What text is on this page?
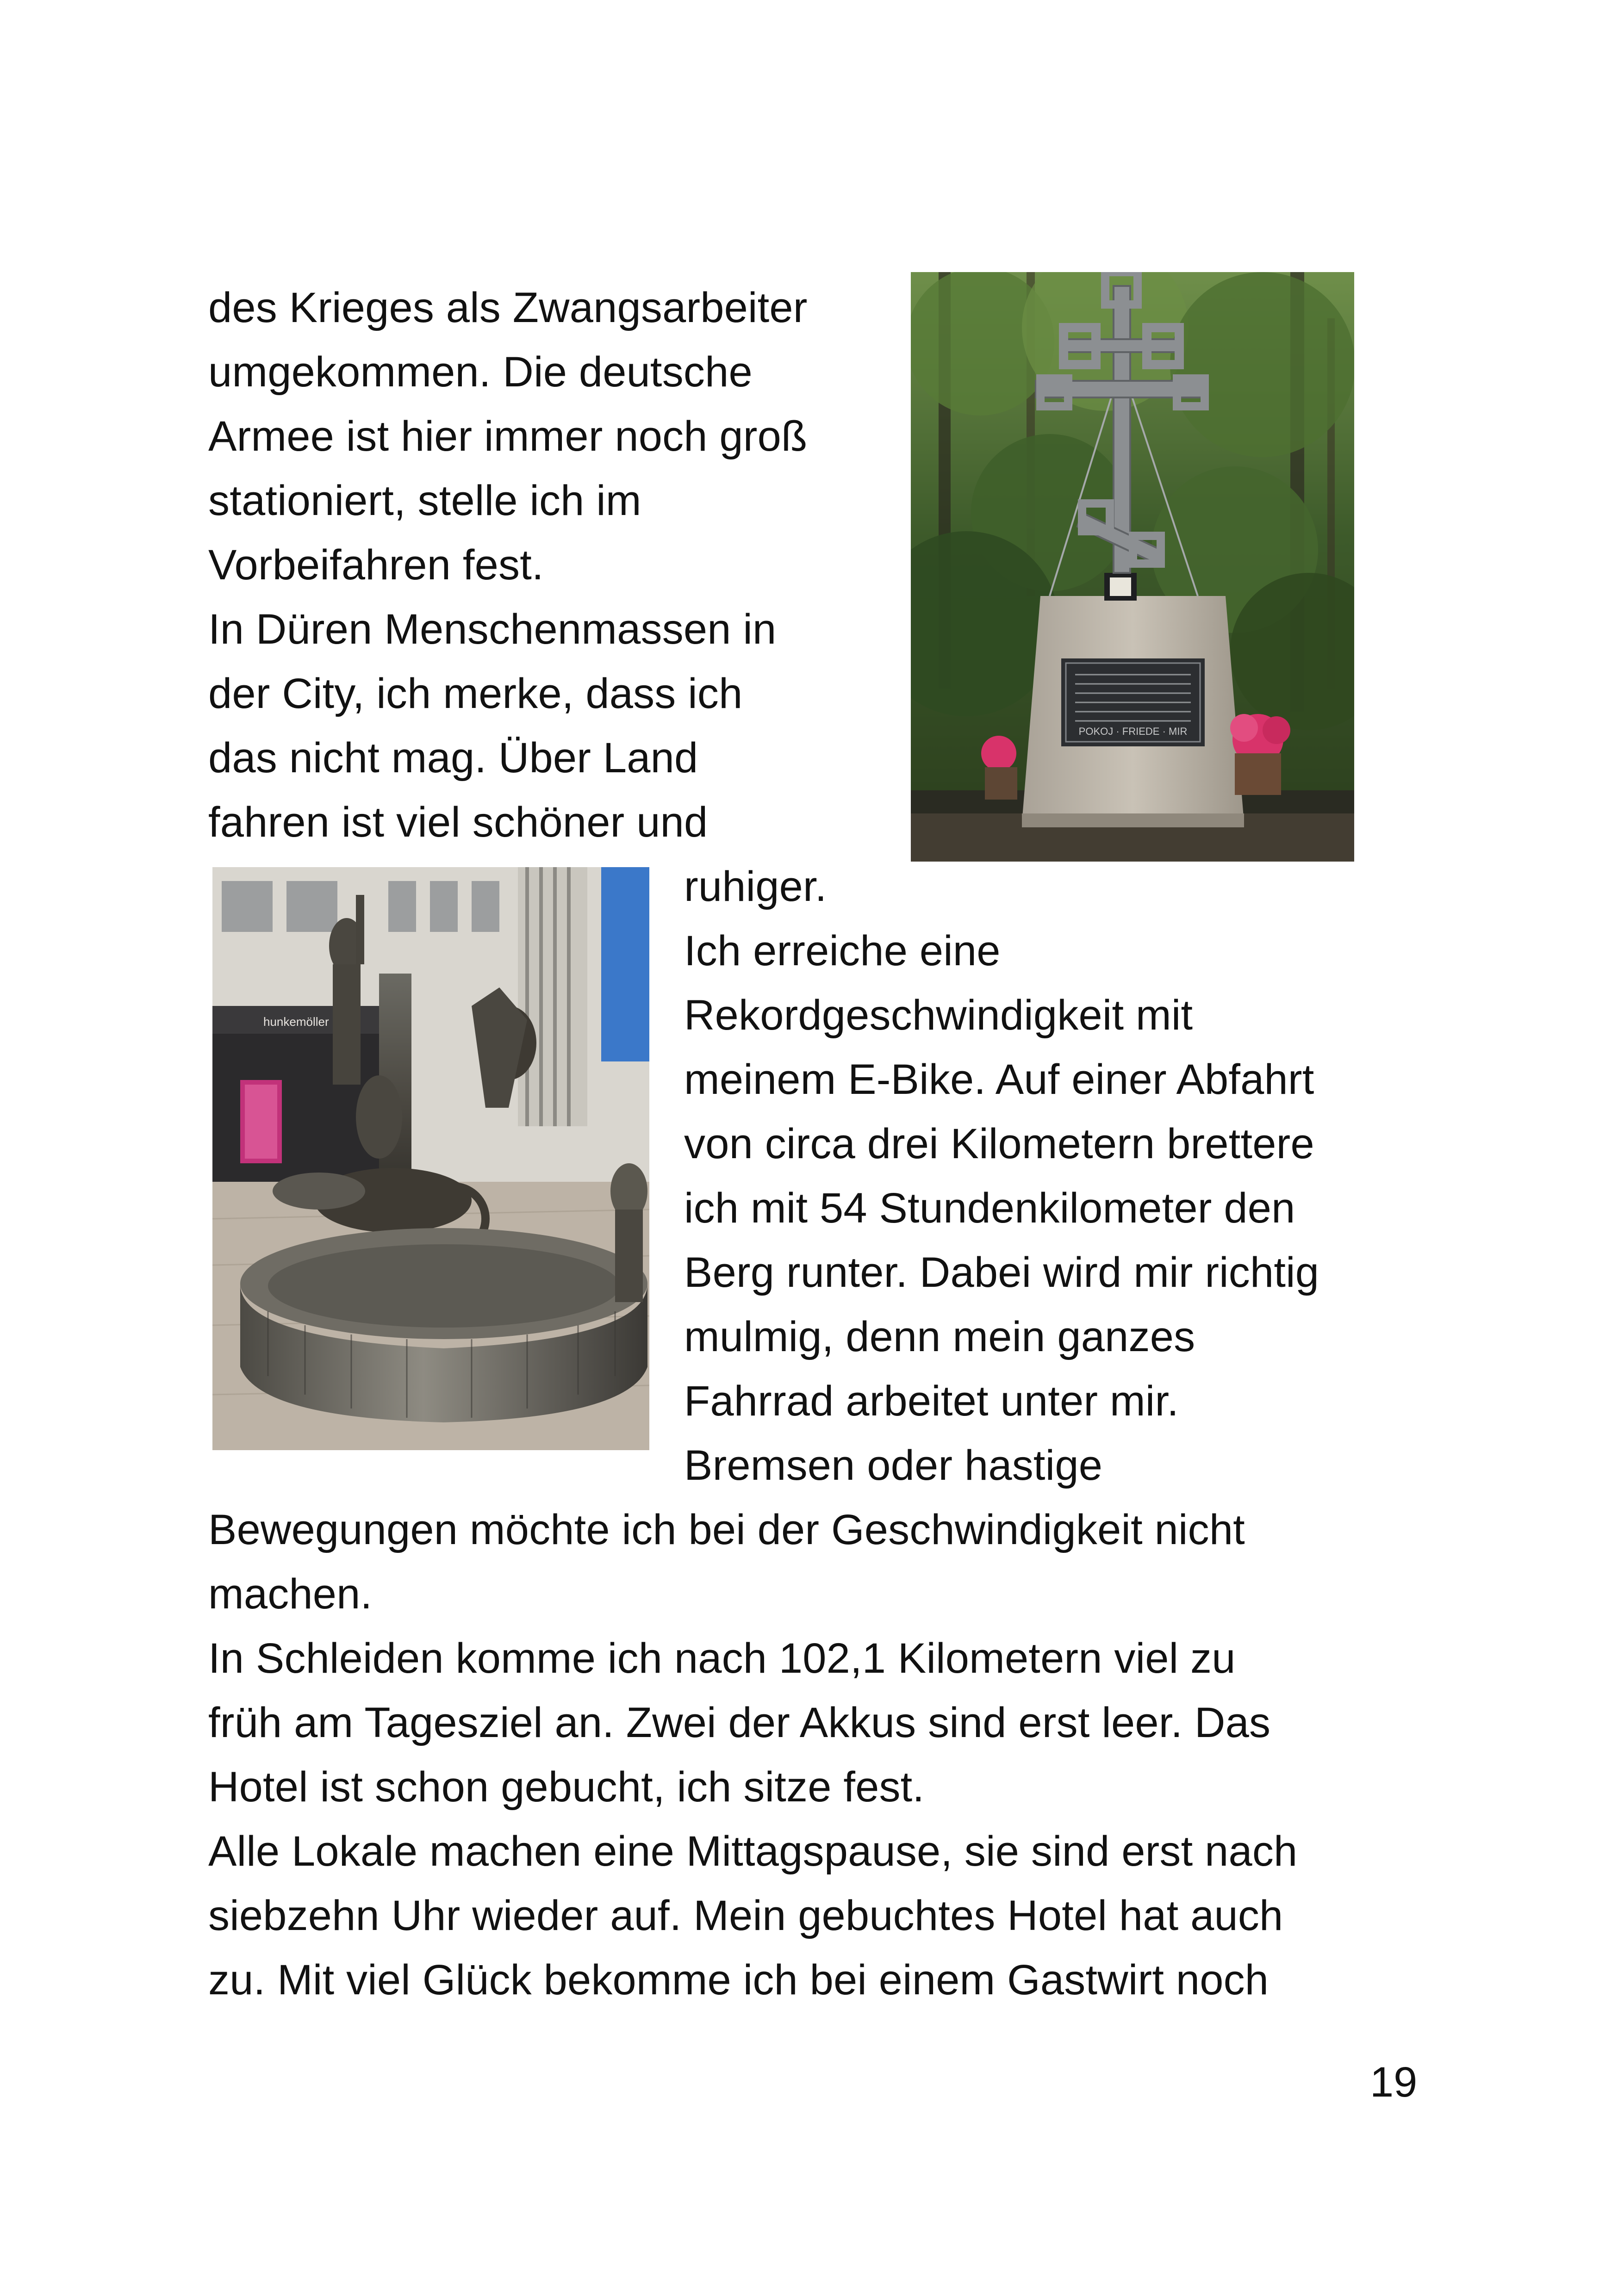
des Krieges als Zwangsarbeiter
umgekommen. Die deutsche
Armee ist hier immer noch groß
stationiert, stelle ich im
Vorbeifahren fest.
In Düren Menschenmassen in
der City, ich merke, dass ich
das nicht mag. Über Land
fahren ist viel schöner und
ruhiger.
Ich erreiche eine
Rekordgeschwindigkeit mit
meinem E-Bike. Auf einer Abfahrt
von circa drei Kilometern brettere
ich mit 54 Stundenkilometer den
Berg runter. Dabei wird mir richtig
mulmig, denn mein ganzes
Fahrrad arbeitet unter mir.
Bremsen oder hastige
Bewegungen möchte ich bei der Geschwindigkeit nicht
machen.
In Schleiden komme ich nach 102,1 Kilometern viel zu
früh am Tagesziel an. Zwei der Akkus sind erst leer. Das
Hotel ist schon gebucht, ich sitze fest.
Alle Lokale machen eine Mittagspause, sie sind erst nach
siebzehn Uhr wieder auf. Mein gebuchtes Hotel hat auch
zu. Mit viel Glück bekomme ich bei einem Gastwirt noch
POKOJ · FRIEDE · MIR
hunkemöller
19
